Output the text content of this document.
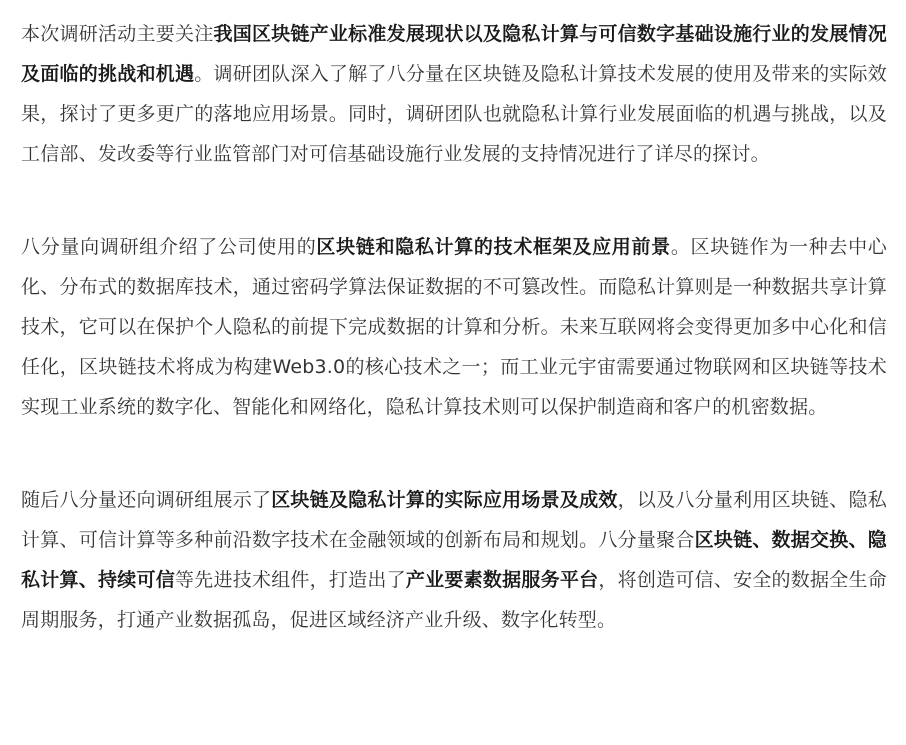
本次调研活动主要关注我国区块链产业标准发展现状以及隐私计算与可信数字基础设施行业的发展情况及面临的挑战和机遇。调研团队深入了解了八分量在区块链及隐私计算技术发展的使用及带来的实际效果，探讨了更多更广的落地应用场景。同时，调研团队也就隐私计算行业发展面临的机遇与挑战，以及工信部、发改委等行业监管部门对可信基础设施行业发展的支持情况进行了详尽的探讨。

八分量向调研组介绍了公司使用的区块链和隐私计算的技术框架及应用前景。区块链作为一种去中心化、分布式的数据库技术，通过密码学算法保证数据的不可篡改性。而隐私计算则是一种数据共享计算技术，它可以在保护个人隐私的前提下完成数据的计算和分析。未来互联网将会变得更加多中心化和信任化，区块链技术将成为构建Web3.0的核心技术之一；而工业元宇宙需要通过物联网和区块链等技术实现工业系统的数字化、智能化和网络化，隐私计算技术则可以保护制造商和客户的机密数据。

随后八分量还向调研组展示了区块链及隐私计算的实际应用场景及成效，以及八分量利用区块链、隐私计算、可信计算等多种前沿数字技术在金融领域的创新布局和规划。八分量聚合区块链、数据交换、隐私计算、持续可信等先进技术组件，打造出了产业要素数据服务平台，将创造可信、安全的数据全生命周期服务，打通产业数据孤岛，促进区域经济产业升级、数字化转型。
